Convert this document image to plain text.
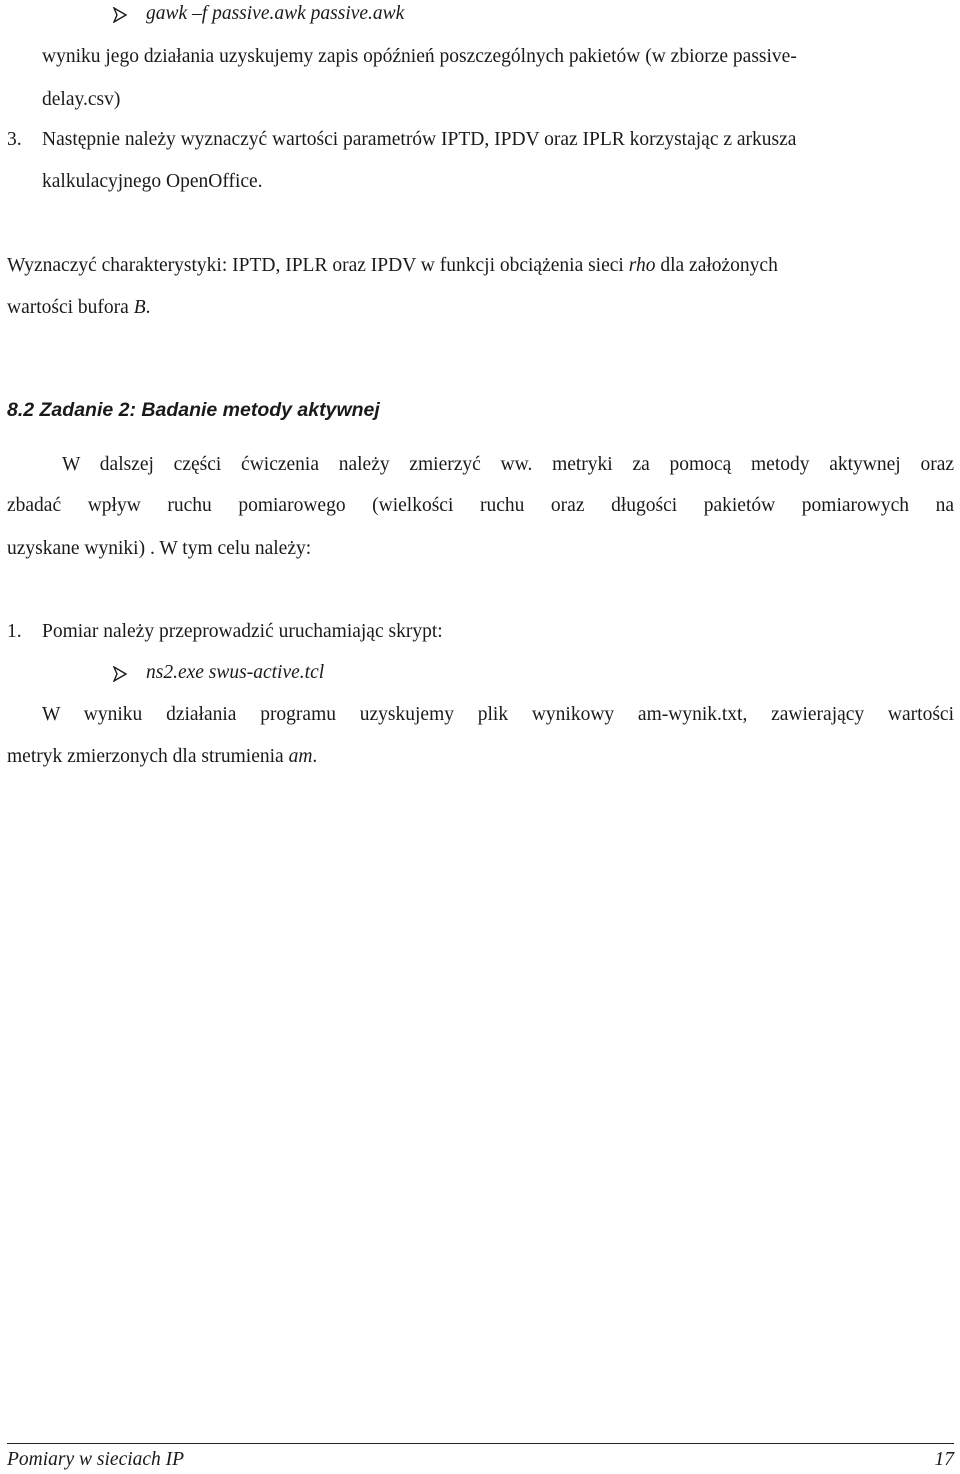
gawk –f passive.awk passive.awk
wyniku jego działania uzyskujemy zapis opóźnień poszczególnych pakietów (w zbiorze passive-
delay.csv)
3. Następnie należy wyznaczyć wartości parametrów IPTD, IPDV oraz IPLR korzystając z arkusza
kalkulacyjnego OpenOffice.
Wyznaczyć charakterystyki: IPTD, IPLR oraz IPDV w funkcji obciążenia sieci rho dla założonych
wartości bufora B.
8.2 Zadanie 2: Badanie metody aktywnej
W dalszej części ćwiczenia należy zmierzyć ww. metryki za pomocą metody aktywnej oraz
zbadać wpływ ruchu pomiarowego (wielkości ruchu oraz długości pakietów pomiarowych na
uzyskane wyniki) . W tym celu należy:
1. Pomiar należy przeprowadzić uruchamiając skrypt:
ns2.exe swus-active.tcl
W wyniku działania programu uzyskujemy plik wynikowy am-wynik.txt, zawierający wartości
metryk zmierzonych dla strumienia am.
Pomiary w sieciach IP	17
